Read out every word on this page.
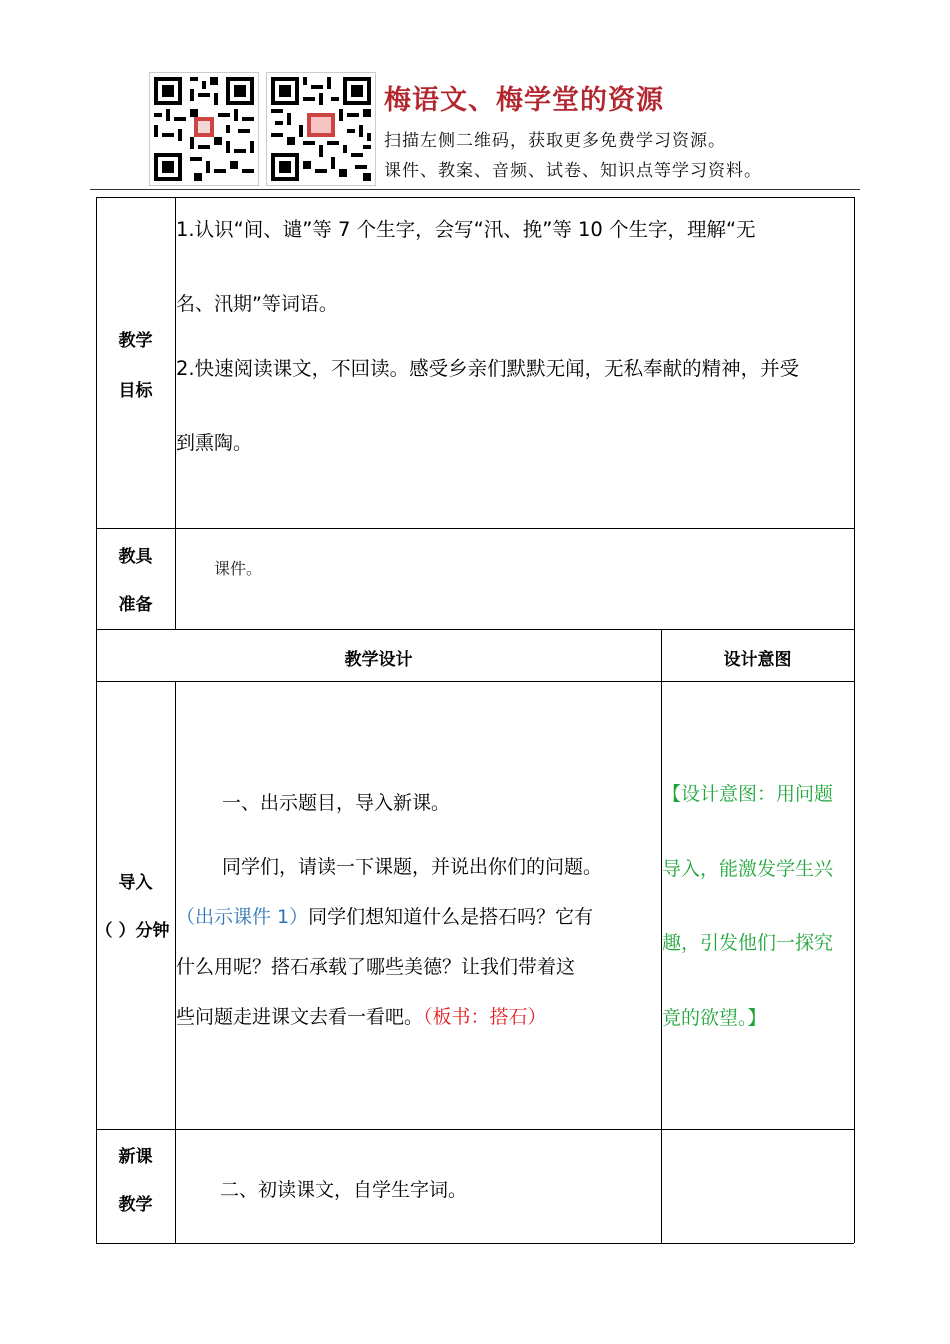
梅语文、梅学堂的资源
扫描左侧二维码，获取更多免费学习资源。
课件、教案、音频、试卷、知识点等学习资料。
教学
目标
1.认识“间、谴”等 7 个生字，会写“汛、挽”等 10 个生字，理解“无
名、汛期”等词语。
2.快速阅读课文，不回读。感受乡亲们默默无闻，无私奉献的精神，并受
到熏陶。
教具
准备
课件。
教学设计	设计意图
导入
（ ）分钟
一、出示题目，导入新课。
同学们，请读一下课题，并说出你们的问题。
（出示课件 1）同学们想知道什么是搭石吗？它有
什么用呢？搭石承载了哪些美德？让我们带着这
些问题走进课文去看一看吧。（板书：搭石）
【设计意图：用问题
导入，能激发学生兴
趣，引发他们一探究
竟的欲望。】
新课
教学
二、初读课文，自学生字词。
